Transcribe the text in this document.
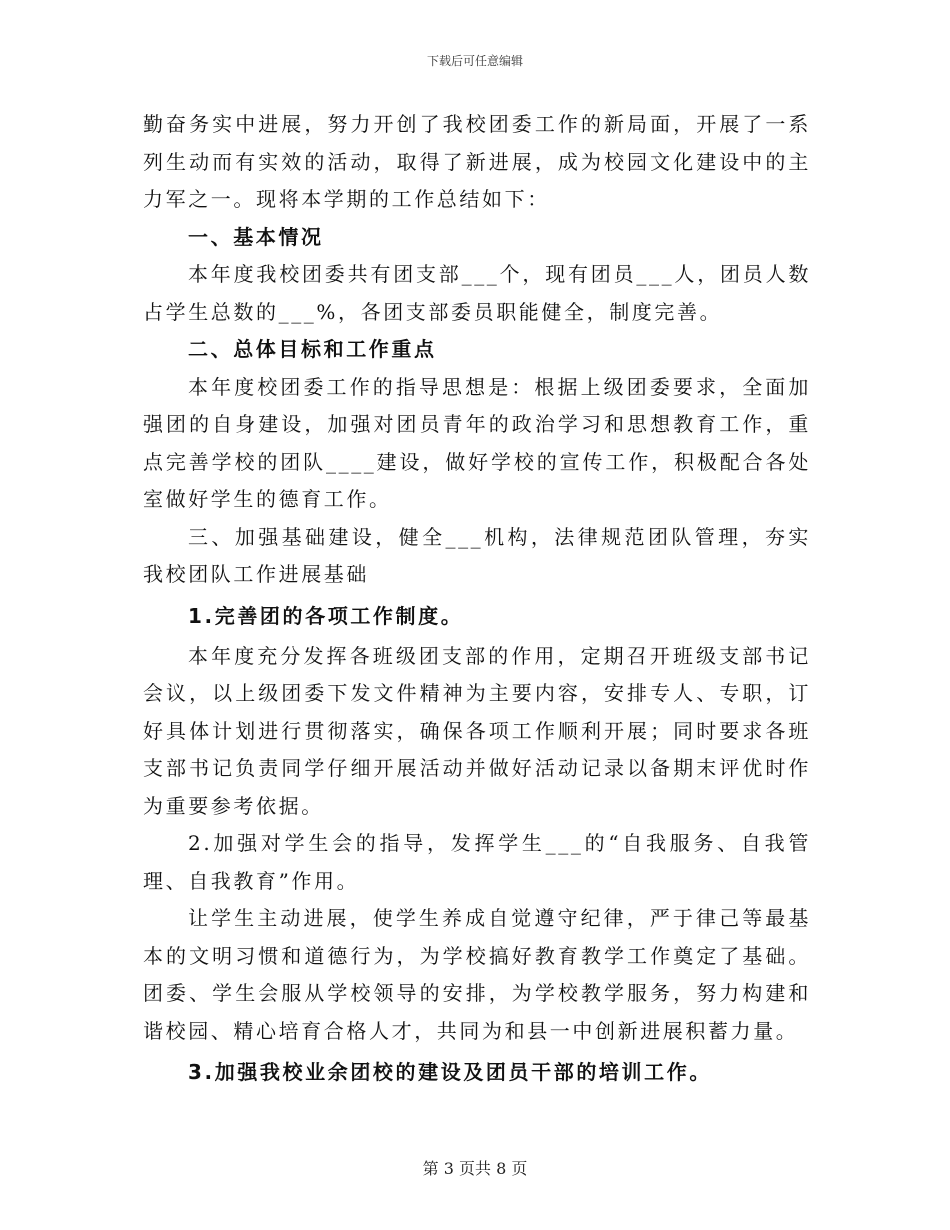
下载后可任意编辑

勤奋务实中进展，努力开创了我校团委工作的新局面，开展了一系列生动而有实效的活动，取得了新进展，成为校园文化建设中的主力军之一。现将本学期的工作总结如下：

一、基本情况

本年度我校团委共有团支部___个，现有团员___人，团员人数占学生总数的___%，各团支部委员职能健全，制度完善。

二、总体目标和工作重点

本年度校团委工作的指导思想是：根据上级团委要求，全面加强团的自身建设，加强对团员青年的政治学习和思想教育工作，重点完善学校的团队____建设，做好学校的宣传工作，积极配合各处室做好学生的德育工作。

三、加强基础建设，健全___机构，法律规范团队管理，夯实我校团队工作进展基础

1.完善团的各项工作制度。

本年度充分发挥各班级团支部的作用，定期召开班级支部书记会议，以上级团委下发文件精神为主要内容，安排专人、专职，订好具体计划进行贯彻落实，确保各项工作顺利开展；同时要求各班支部书记负责同学仔细开展活动并做好活动记录以备期末评优时作为重要参考依据。

2.加强对学生会的指导，发挥学生___的“自我服务、自我管理、自我教育”作用。

让学生主动进展，使学生养成自觉遵守纪律，严于律己等最基本的文明习惯和道德行为，为学校搞好教育教学工作奠定了基础。团委、学生会服从学校领导的安排，为学校教学服务，努力构建和谐校园、精心培育合格人才，共同为和县一中创新进展积蓄力量。

3.加强我校业余团校的建设及团员干部的培训工作。

第 3 页共 8 页
